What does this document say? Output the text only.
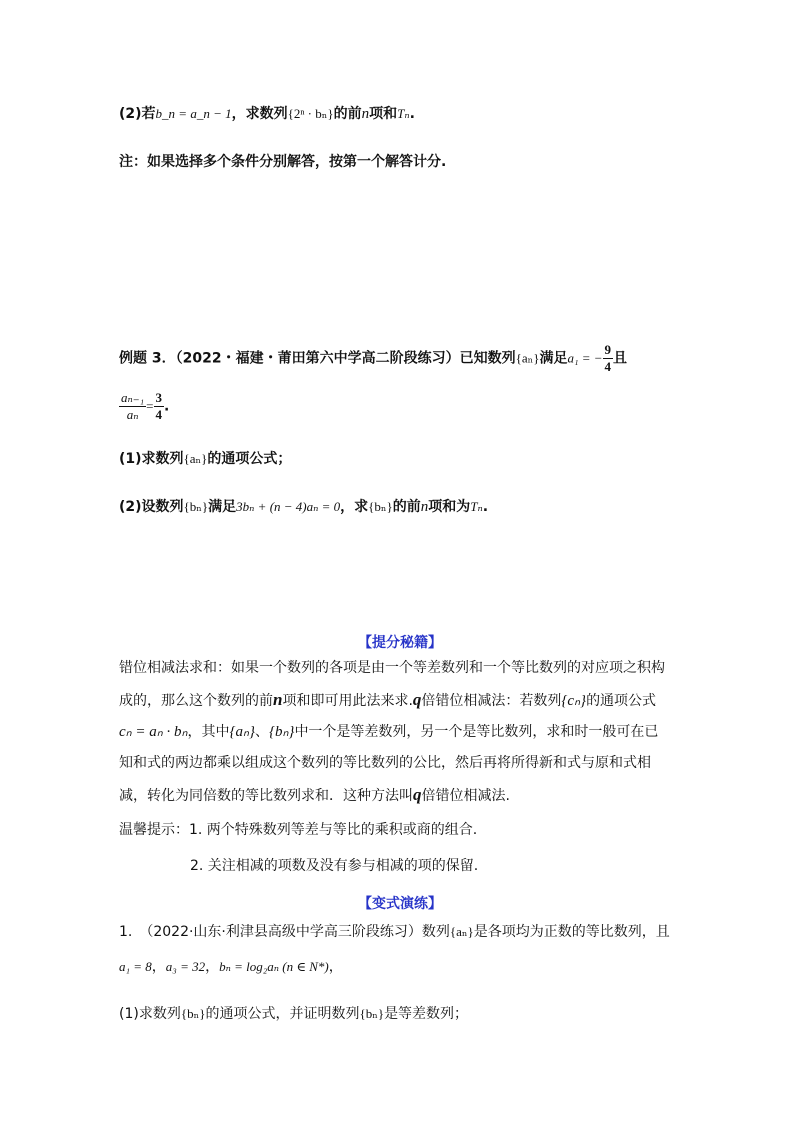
(2)若b_n = a_n − 1，求数列{2ⁿ · bₙ}的前n项和Tₙ.
注：如果选择多个条件分别解答，按第一个解答计分.
例题 3．（2022・福建・莆田第六中学高二阶段练习）已知数列{aₙ}满足a₁ = − $\frac{9}{4}$ 且
$\frac{\text{aₙ₋₁}}{\text{aₙ}} = \frac{3}{4}$ .
(1)求数列{aₙ}的通项公式；
(2)设数列{bₙ}满足3bₙ + (n − 4)aₙ = 0，求{bₙ}的前n项和为Tₙ.
【提分秘籍】
错位相减法求和：如果一个数列的各项是由一个等差数列和一个等比数列的对应项之积构
成的，那么这个数列的前n项和即可用此法来求.q倍错位相减法：若数列{cₙ}的通项公式
cₙ = aₙ · bₙ，其中{aₙ}、{bₙ}中一个是等差数列，另一个是等比数列，求和时一般可在已
知和式的两边都乘以组成这个数列的等比数列的公比，然后再将所得新和式与原和式相
减，转化为同倍数的等比数列求和．这种方法叫q倍错位相减法.
温馨提示：1. 两个特殊数列等差与等比的乘积或商的组合.
2. 关注相减的项数及没有参与相减的项的保留.
【变式演练】
1.　（2022·山东·利津县高级中学高三阶段练习）数列{aₙ}是各项均为正数的等比数列，且
a₁ = 8，a₃ = 32，bₙ = log₂aₙ (n ∈ N*)，
(1)求数列{bₙ}的通项公式，并证明数列{bₙ}是等差数列；
